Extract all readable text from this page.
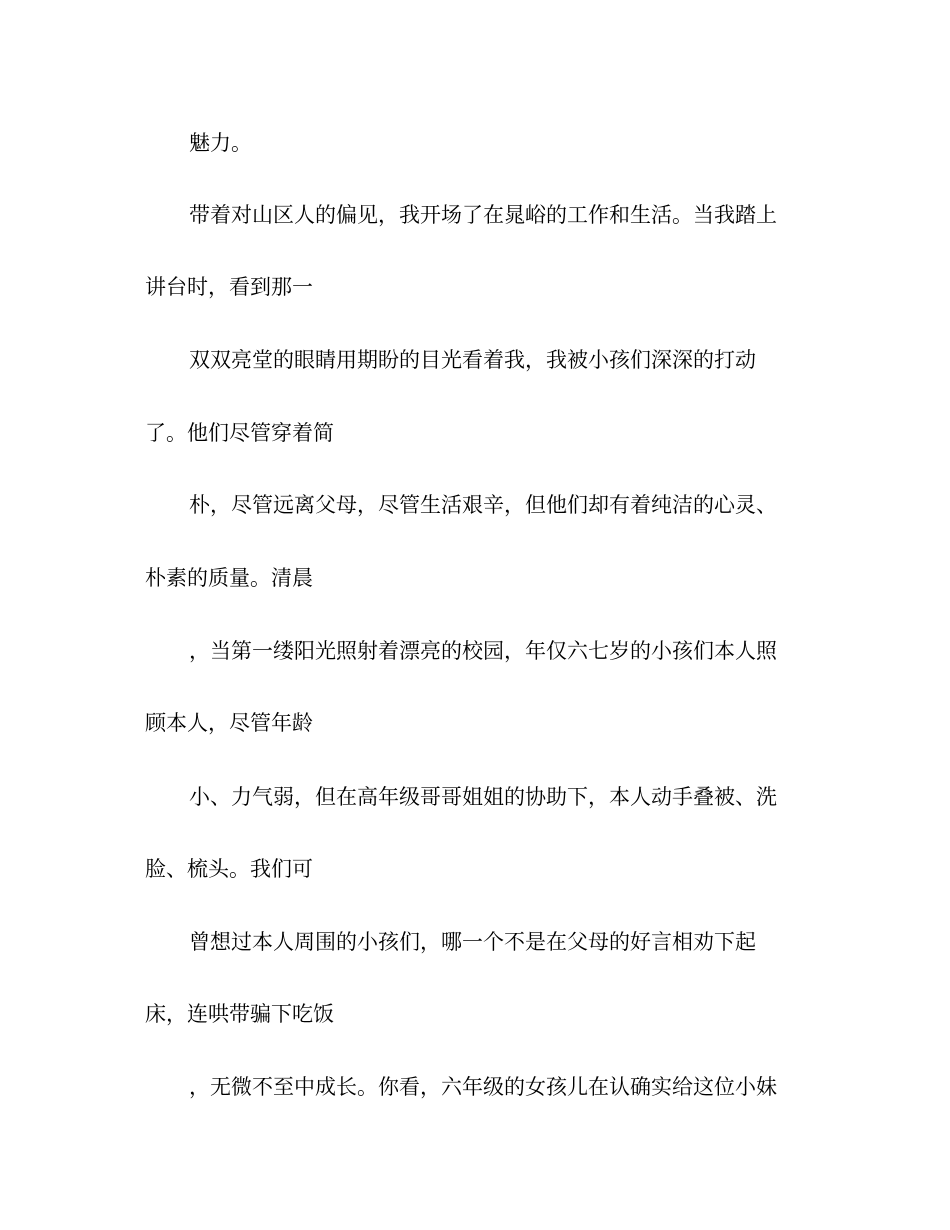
魅力。
带着对山区人的偏见，我开场了在晁峪的工作和生活。当我踏上
讲台时，看到那一
双双亮堂的眼睛用期盼的目光看着我，我被小孩们深深的打动
了。他们尽管穿着简
朴，尽管远离父母，尽管生活艰辛，但他们却有着纯洁的心灵、
朴素的质量。清晨
，当第一缕阳光照射着漂亮的校园，年仅六七岁的小孩们本人照
顾本人，尽管年龄
小、力气弱，但在高年级哥哥姐姐的协助下，本人动手叠被、洗
脸、梳头。我们可
曾想过本人周围的小孩们，哪一个不是在父母的好言相劝下起
床，连哄带骗下吃饭
，无微不至中成长。你看，六年级的女孩儿在认确实给这位小妹
